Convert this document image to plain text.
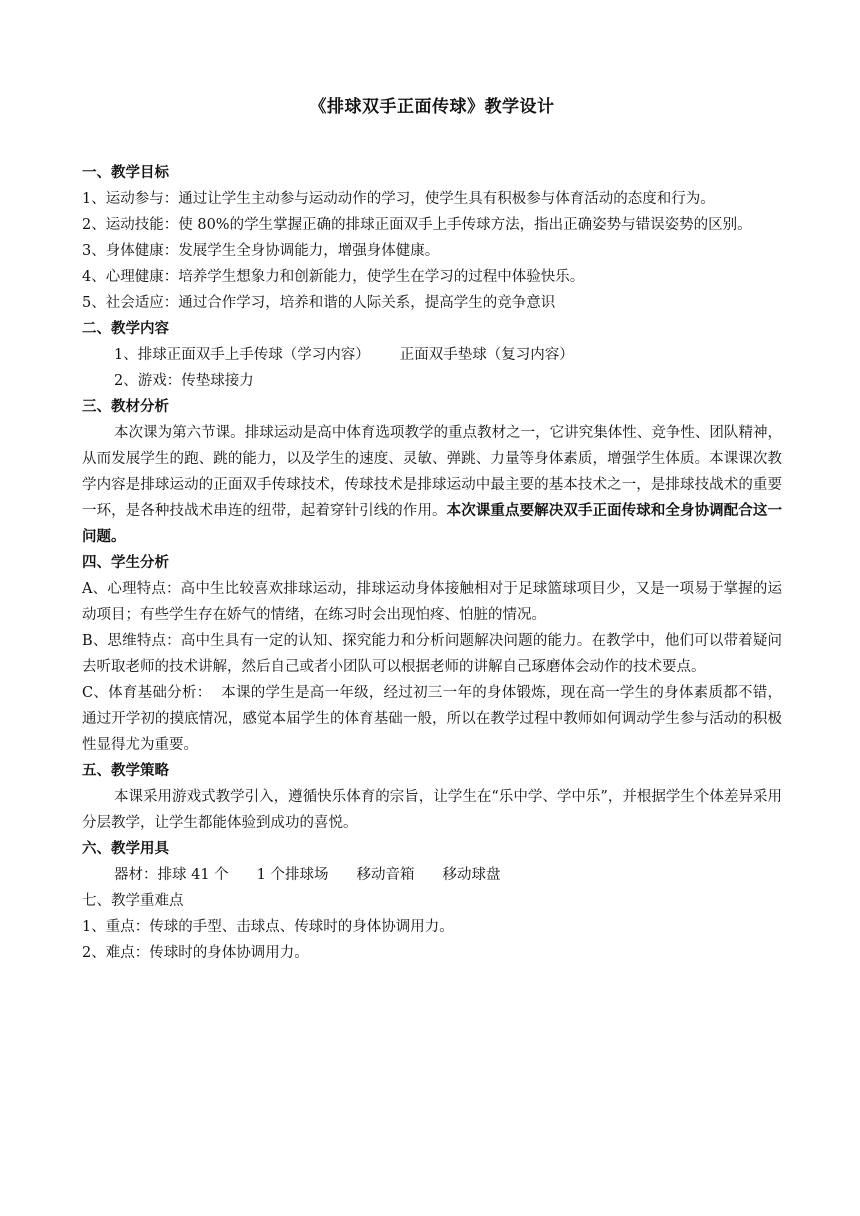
《排球双手正面传球》教学设计
一、教学目标
1、运动参与： 通过让学生主动参与运动动作的学习，使学生具有积极参与体育活动的态度和行为。
2、运动技能： 使 80%的学生掌握正确的排球正面双手上手传球方法，指出正确姿势与错误姿势的区别。
3、身体健康： 发展学生全身协调能力，增强身体健康。
4、心理健康： 培养学生想象力和创新能力，使学生在学习的过程中体验快乐。
5、社会适应： 通过合作学习，培养和谐的人际关系，提高学生的竞争意识
二、教学内容
1、排球正面双手上手传球（学习内容） 正面双手垫球（复习内容）
2、游戏：传垫球接力
三、教材分析
本次课为第六节课。排球运动是高中体育选项教学的重点教材之一，它讲究集体性、竞争性、团队精神，从而发展学生的跑、跳的能力，以及学生的速度、灵敏、弹跳、力量等身体素质，增强学生体质。本课课次教学内容是排球运动的正面双手传球技术，传球技术是排球运动中最主要的基本技术之一，是排球技战术的重要一环，是各种技战术串连的纽带，起着穿针引线的作用。本次课重点要解决双手正面传球和全身协调配合这一问题。
四、学生分析
A、心理特点：高中生比较喜欢排球运动，排球运动身体接触相对于足球篮球项目少，又是一项易于掌握的运动项目；有些学生存在娇气的情绪，在练习时会出现怕疼、怕脏的情况。
B、思维特点：高中生具有一定的认知、探究能力和分析问题解决问题的能力。在教学中，他们可以带着疑问去听取老师的技术讲解，然后自己或者小团队可以根据老师的讲解自己琢磨体会动作的技术要点。
C、体育基础分析：  本课的学生是高一年级，经过初三一年的身体锻炼，现在高一学生的身体素质都不错，通过开学初的摸底情况，感觉本届学生的体育基础一般，所以在教学过程中教师如何调动学生参与活动的积极性显得尤为重要。
五、教学策略
本课采用游戏式教学引入，遵循快乐体育的宗旨，让学生在“乐中学、学中乐”，并根据学生个体差异采用分层教学，让学生都能体验到成功的喜悦。
六、教学用具
器材：排球 41 个 1 个排球场 移动音箱 移动球盘
七、教学重难点
1、重点：传球的手型、击球点、传球时的身体协调用力。
2、难点：传球时的身体协调用力。
